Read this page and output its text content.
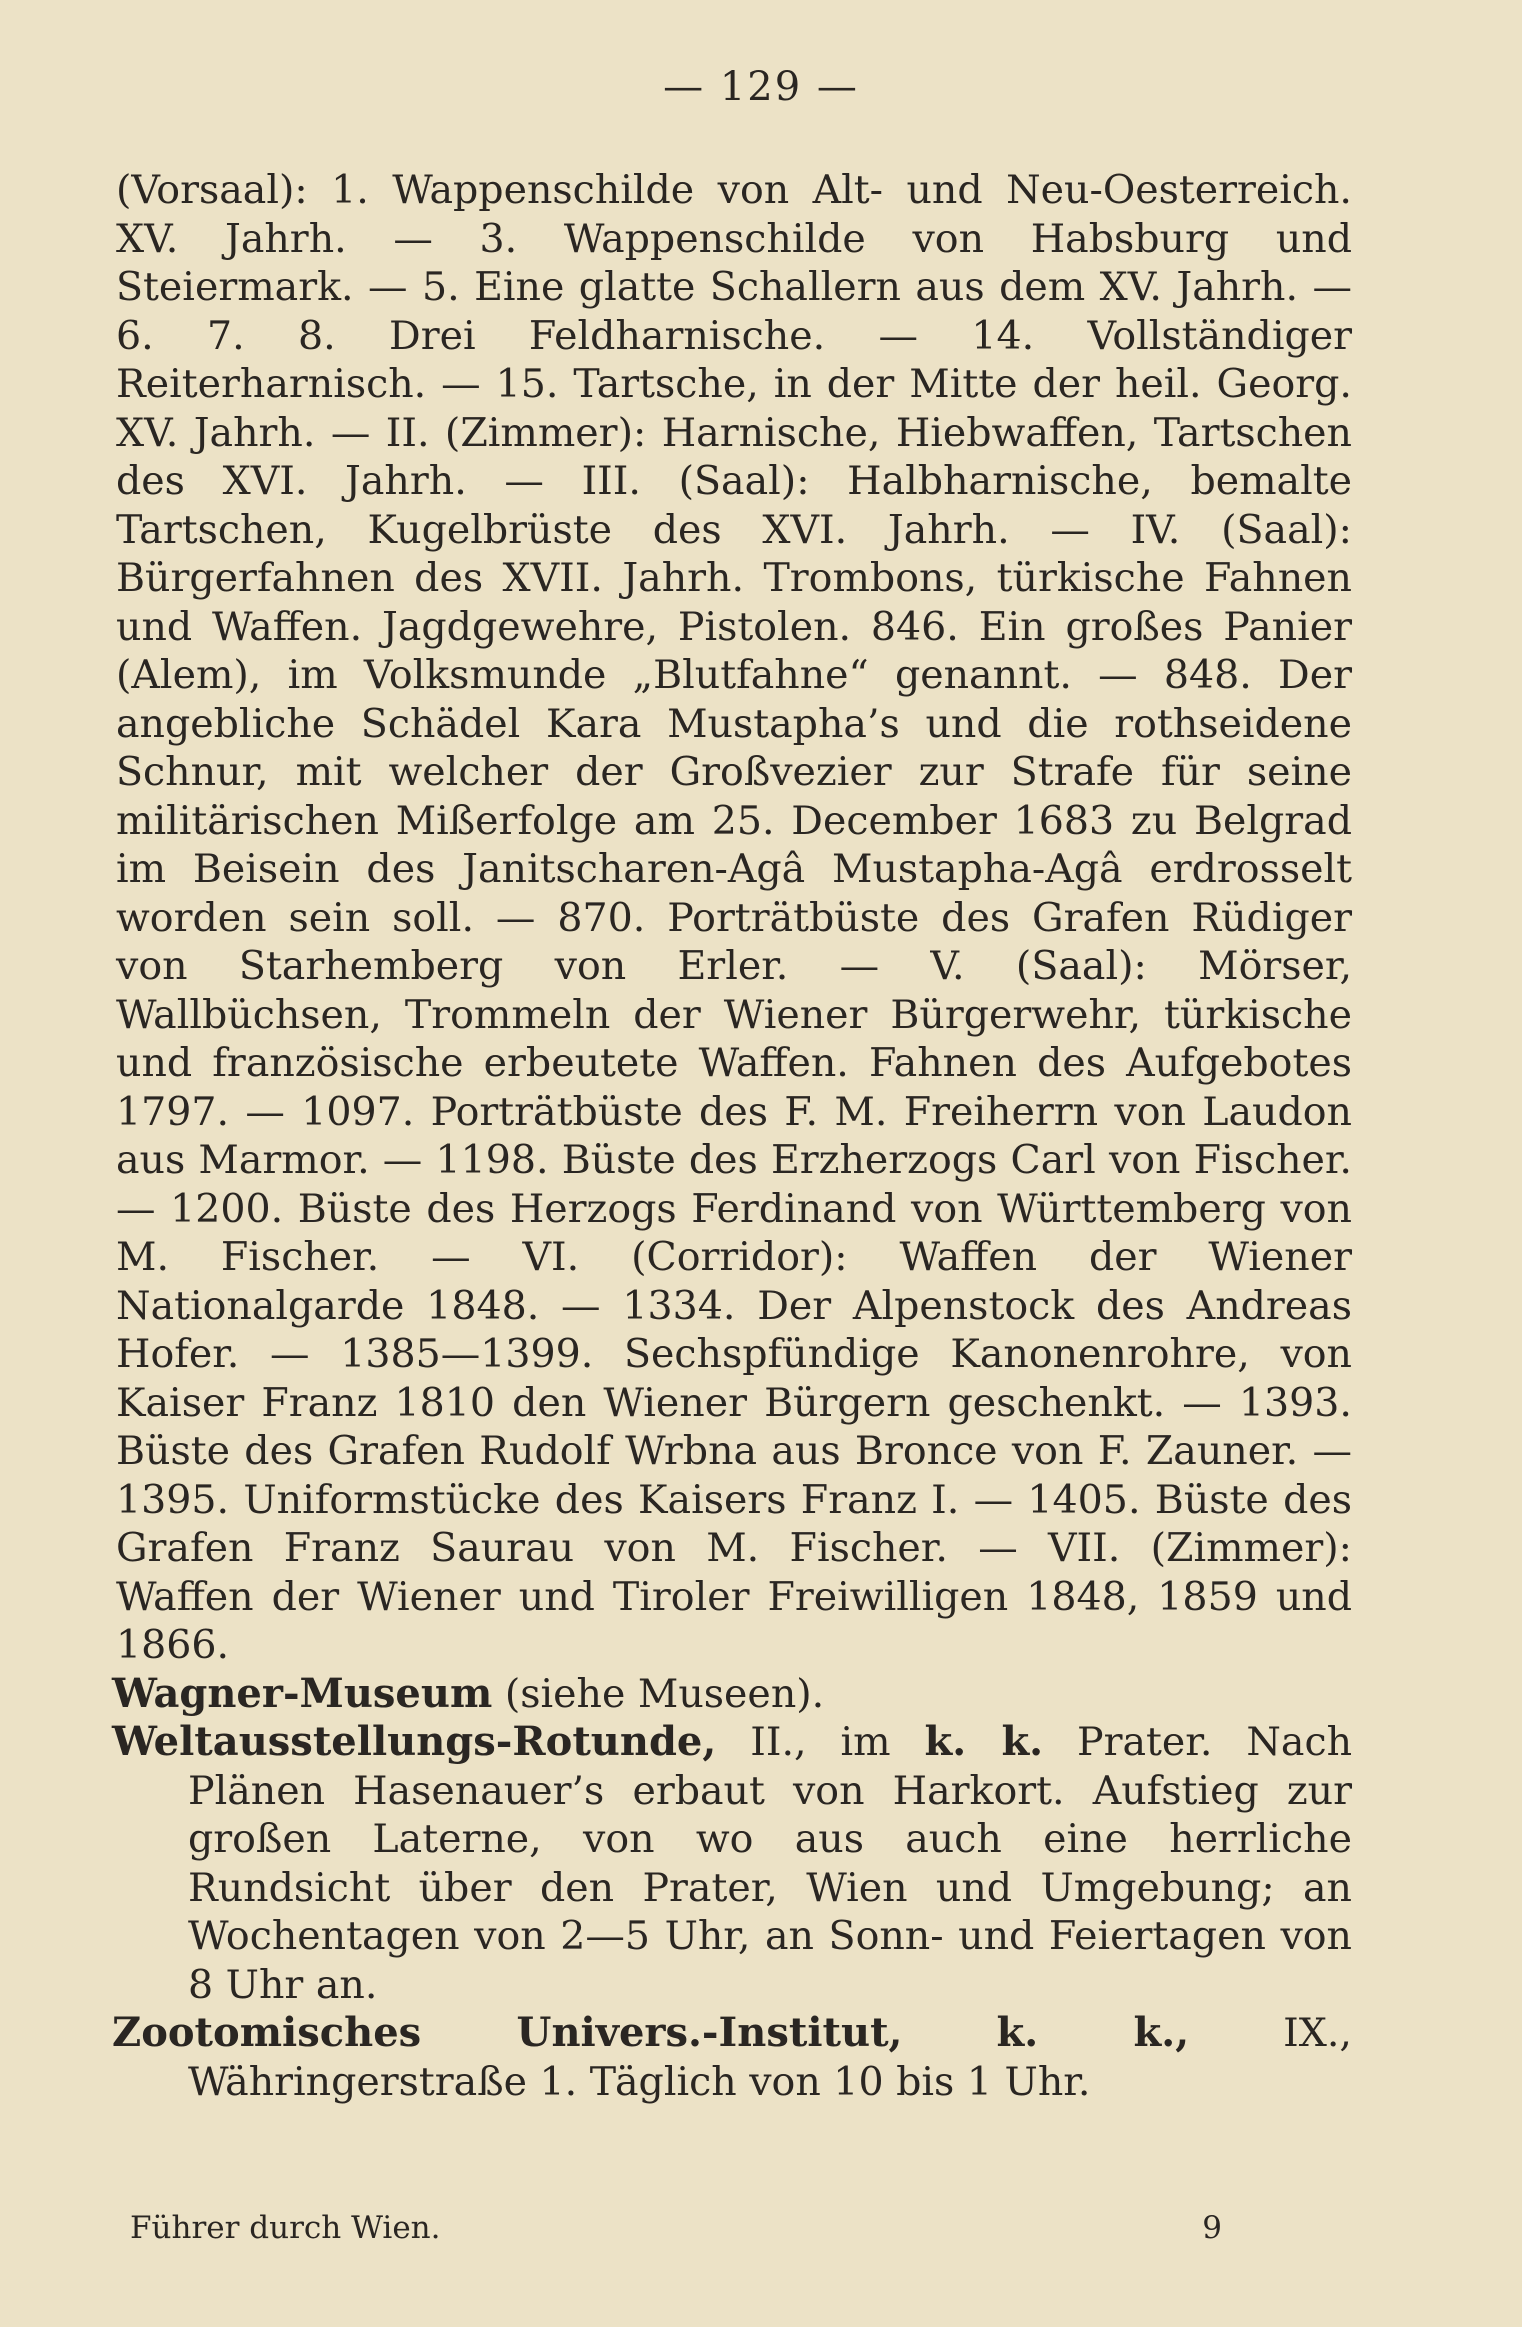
— 129 —

(Vorsaal): 1. Wappenschilde von Alt- und Neu-Oesterreich. XV. Jahrh. — 3. Wappenschilde von Habsburg und Steiermark. — 5. Eine glatte Schallern aus dem XV. Jahrh. — 6. 7. 8. Drei Feldharnische. — 14. Vollständiger Reiterharnisch. — 15. Tartsche, in der Mitte der heil. Georg. XV. Jahrh. — II. (Zimmer): Harnische, Hiebwaffen, Tartschen des XVI. Jahrh. — III. (Saal): Halbharnische, bemalte Tartschen, Kugelbrüste des XVI. Jahrh. — IV. (Saal): Bürgerfahnen des XVII. Jahrh. Trombons, türkische Fahnen und Waffen. Jagdgewehre, Pistolen. 846. Ein großes Panier (Alem), im Volksmunde „Blutfahne“ genannt. — 848. Der angebliche Schädel Kara Mustapha’s und die rothseidene Schnur, mit welcher der Großvezier zur Strafe für seine militärischen Mißerfolge am 25. December 1683 zu Belgrad im Beisein des Janitscharen-Agâ Mustapha-Agâ erdrosselt worden sein soll. — 870. Porträtbüste des Grafen Rüdiger von Starhemberg von Erler. — V. (Saal): Mörser, Wallbüchsen, Trommeln der Wiener Bürgerwehr, türkische und französische erbeutete Waffen. Fahnen des Aufgebotes 1797. — 1097. Porträtbüste des F. M. Freiherrn von Laudon aus Marmor. — 1198. Büste des Erzherzogs Carl von Fischer. — 1200. Büste des Herzogs Ferdinand von Württemberg von M. Fischer. — VI. (Corridor): Waffen der Wiener Nationalgarde 1848. — 1334. Der Alpenstock des Andreas Hofer. — 1385—1399. Sechspfündige Kanonenrohre, von Kaiser Franz 1810 den Wiener Bürgern geschenkt. — 1393. Büste des Grafen Rudolf Wrbna aus Bronce von F. Zauner. — 1395. Uniformstücke des Kaisers Franz I. — 1405. Büste des Grafen Franz Saurau von M. Fischer. — VII. (Zimmer): Waffen der Wiener und Tiroler Freiwilligen 1848, 1859 und 1866.

Wagner-Museum (siehe Museen).

Weltausstellungs-Rotunde, II., im k. k. Prater. Nach Plänen Hasenauer’s erbaut von Harkort. Aufstieg zur großen Laterne, von wo aus auch eine herrliche Rundsicht über den Prater, Wien und Umgebung; an Wochentagen von 2—5 Uhr, an Sonn- und Feiertagen von 8 Uhr an.

Zootomisches Univers.-Institut, k. k., IX., Währingerstraße 1. Täglich von 10 bis 1 Uhr.

Führer durch Wien.	9
